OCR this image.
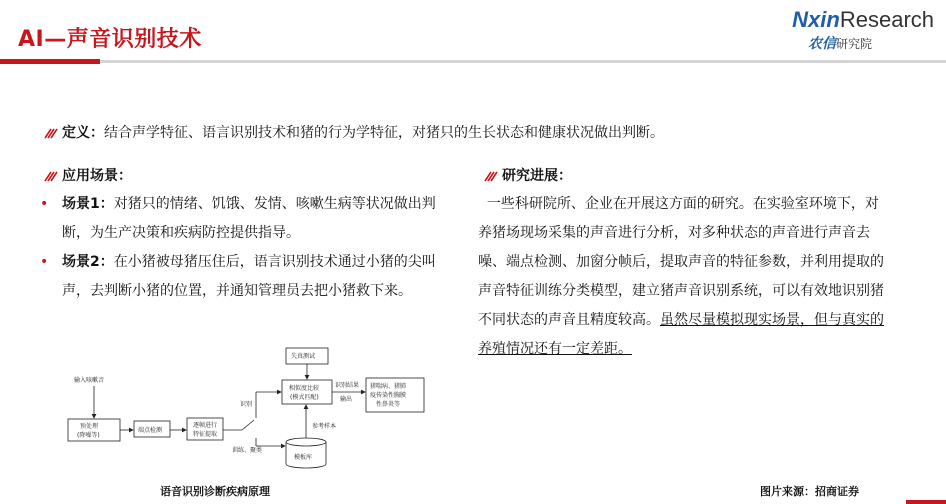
AI—声音识别技术
NxinResearch
农信研究院
定义：结合声学特征、语言识别技术和猪的行为学特征，对猪只的生长状态和健康状况做出判断。
应用场景：
• 场景1：对猪只的情绪、饥饿、发情、咳嗽生病等状况做出判断，为生产决策和疾病防控提供指导。
• 场景2：在小猪被母猪压住后，语言识别技术通过小猪的尖叫声，去判断小猪的位置，并通知管理员去把小猪救下来。
研究进展：
一些科研院所、企业在开展这方面的研究。在实验室环境下，对养猪场现场采集的声音进行分析，对多种状态的声音进行声音去噪、端点检测、加窗分帧后，提取声音的特征参数，并利用提取的声音特征训练分类模型，建立猪声音识别系统，可以有效地识别猪不同状态的声音且精度较高。虽然尽量模拟现实场景，但与真实的养殖情况还有一定差距。
输入咳嗽音
预处理
(降噪等)
端点检测
逐帧进行
特征提取
识别
训练、聚类
模板库
参考样本
失真测试
相似度比较
(模式匹配)
识别结果
输出
猪喘病、猪肺
疫传染性胸膜
性鼻炎等
语音识别诊断疾病原理	图片来源：招商证券
